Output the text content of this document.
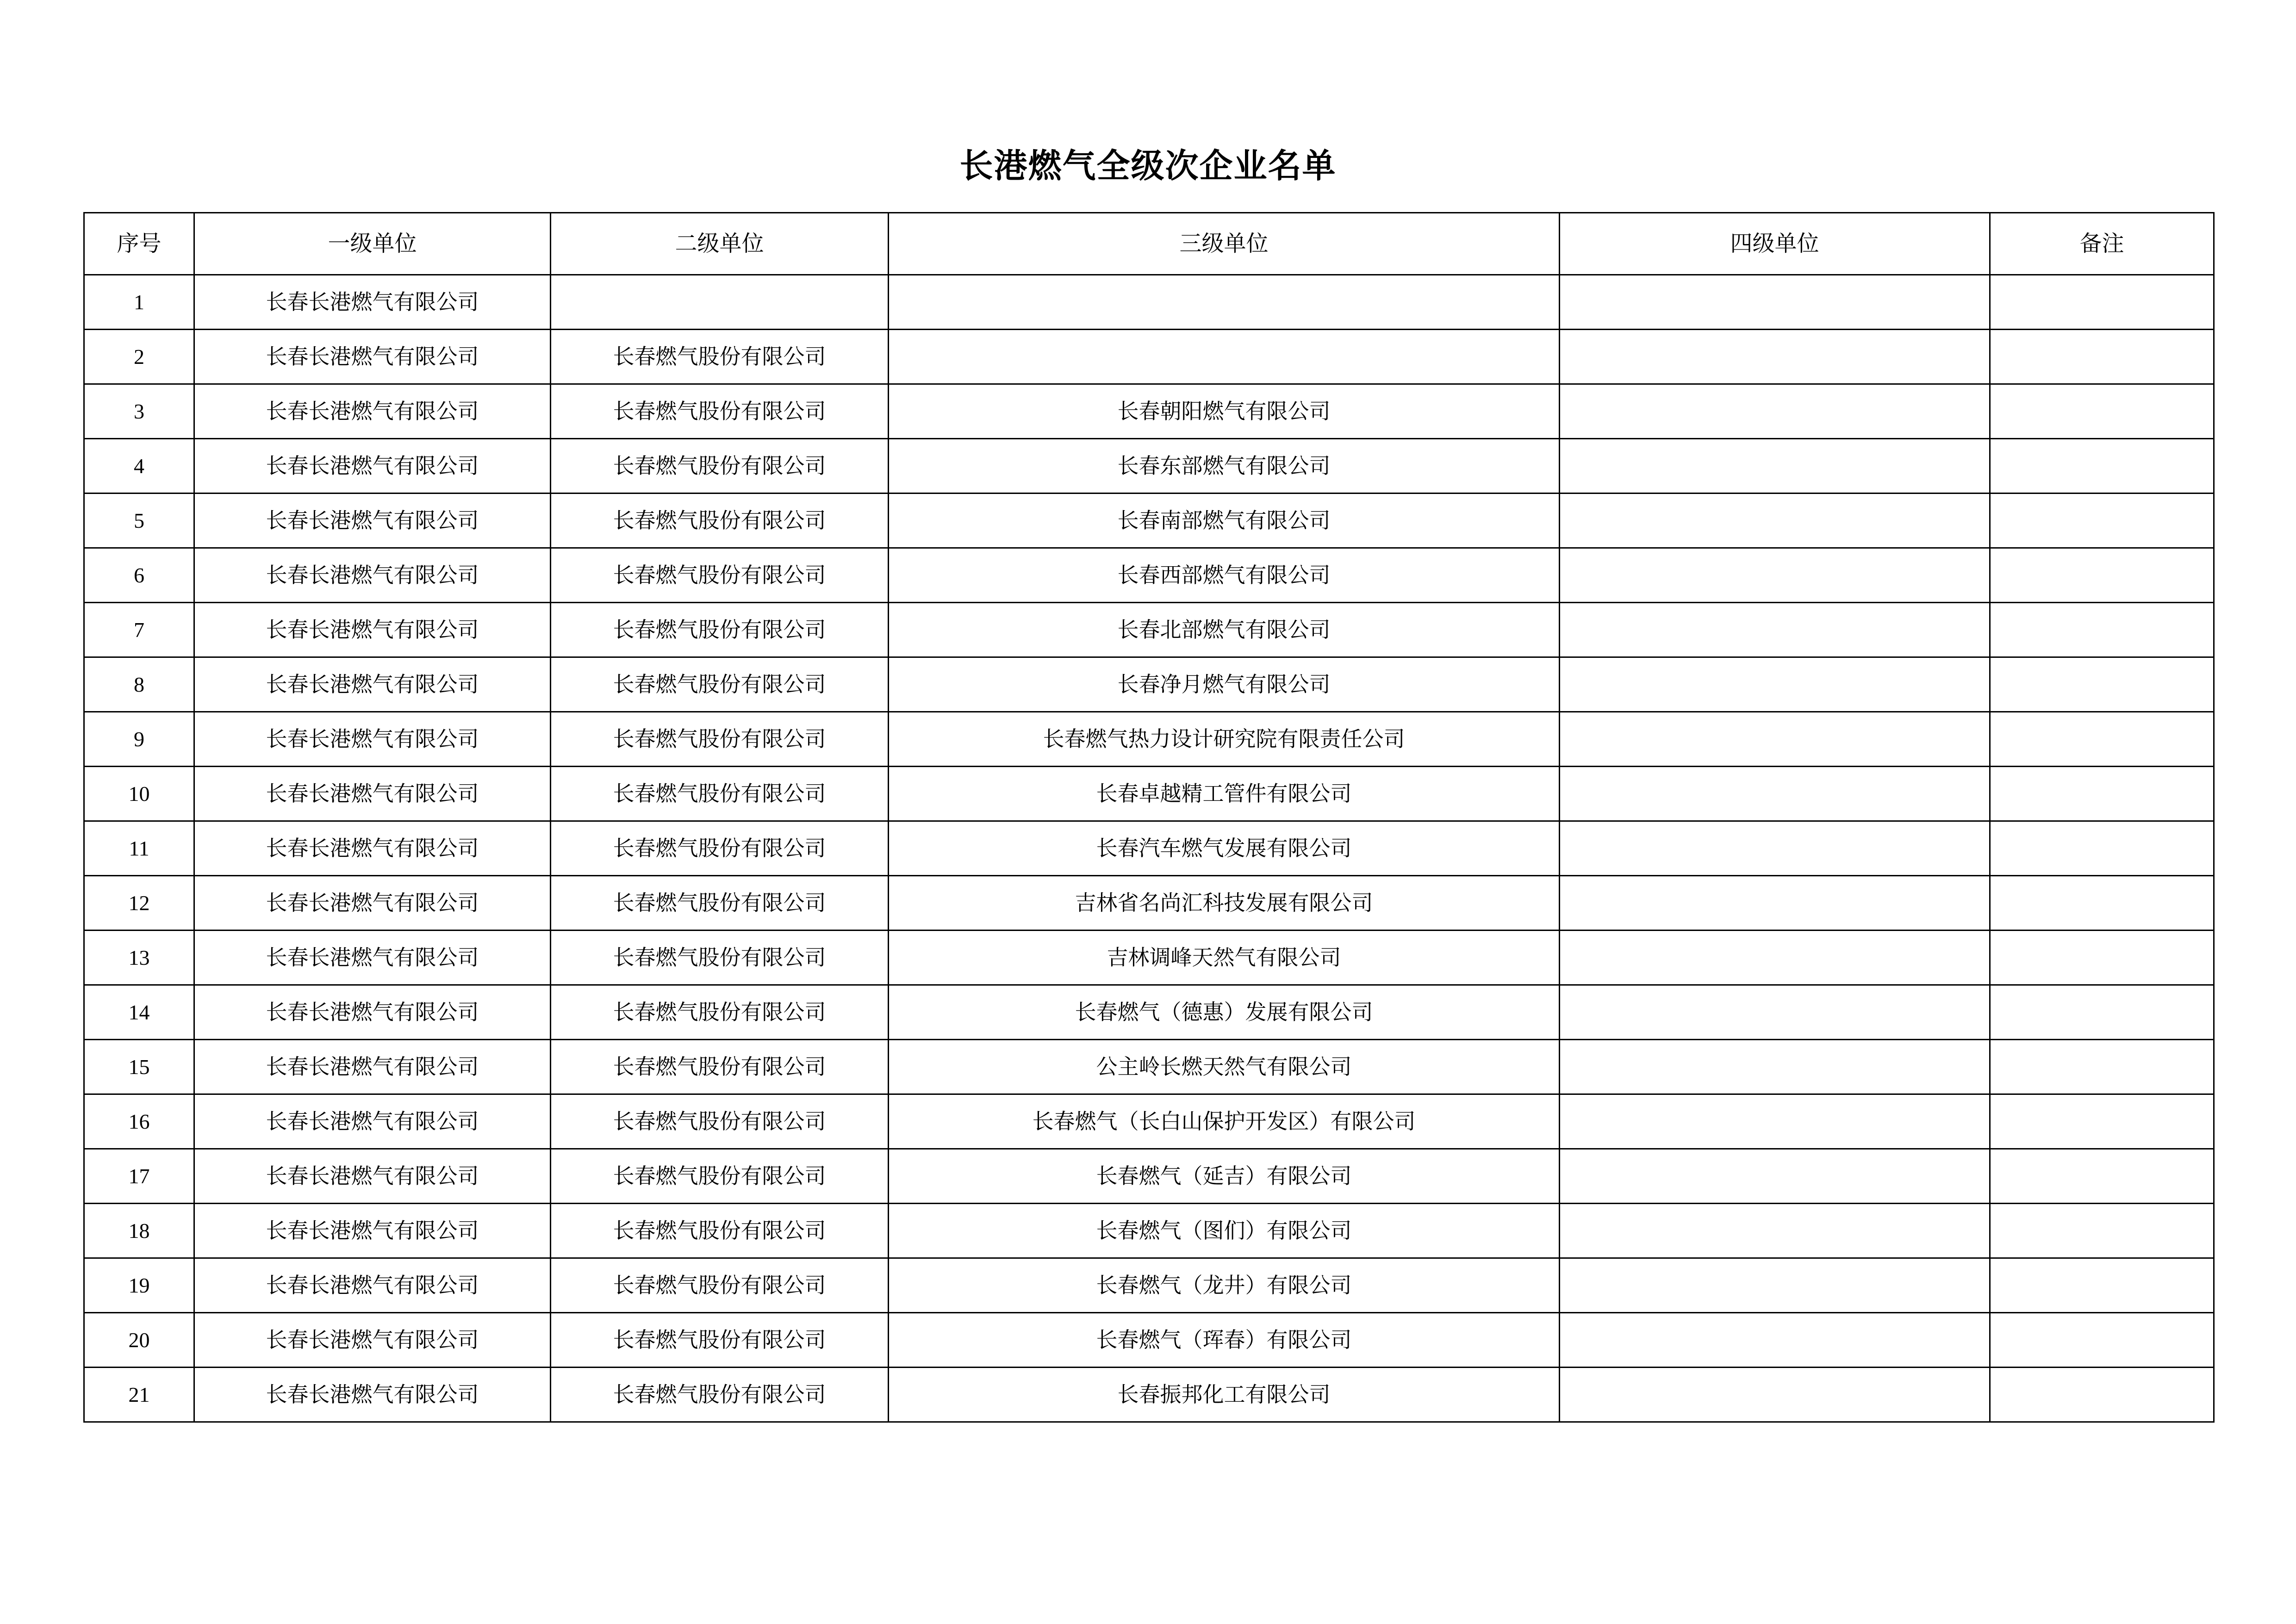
长港燃气全级次企业名单
序号	一级单位	二级单位	三级单位	四级单位	备注
1	长春长港燃气有限公司				
2	长春长港燃气有限公司	长春燃气股份有限公司			
3	长春长港燃气有限公司	长春燃气股份有限公司	长春朝阳燃气有限公司		
4	长春长港燃气有限公司	长春燃气股份有限公司	长春东部燃气有限公司		
5	长春长港燃气有限公司	长春燃气股份有限公司	长春南部燃气有限公司		
6	长春长港燃气有限公司	长春燃气股份有限公司	长春西部燃气有限公司		
7	长春长港燃气有限公司	长春燃气股份有限公司	长春北部燃气有限公司		
8	长春长港燃气有限公司	长春燃气股份有限公司	长春净月燃气有限公司		
9	长春长港燃气有限公司	长春燃气股份有限公司	长春燃气热力设计研究院有限责任公司		
10	长春长港燃气有限公司	长春燃气股份有限公司	长春卓越精工管件有限公司		
11	长春长港燃气有限公司	长春燃气股份有限公司	长春汽车燃气发展有限公司		
12	长春长港燃气有限公司	长春燃气股份有限公司	吉林省名尚汇科技发展有限公司		
13	长春长港燃气有限公司	长春燃气股份有限公司	吉林调峰天然气有限公司		
14	长春长港燃气有限公司	长春燃气股份有限公司	长春燃气（德惠）发展有限公司		
15	长春长港燃气有限公司	长春燃气股份有限公司	公主岭长燃天然气有限公司		
16	长春长港燃气有限公司	长春燃气股份有限公司	长春燃气（长白山保护开发区）有限公司		
17	长春长港燃气有限公司	长春燃气股份有限公司	长春燃气（延吉）有限公司		
18	长春长港燃气有限公司	长春燃气股份有限公司	长春燃气（图们）有限公司		
19	长春长港燃气有限公司	长春燃气股份有限公司	长春燃气（龙井）有限公司		
20	长春长港燃气有限公司	长春燃气股份有限公司	长春燃气（珲春）有限公司		
21	长春长港燃气有限公司	长春燃气股份有限公司	长春振邦化工有限公司		
